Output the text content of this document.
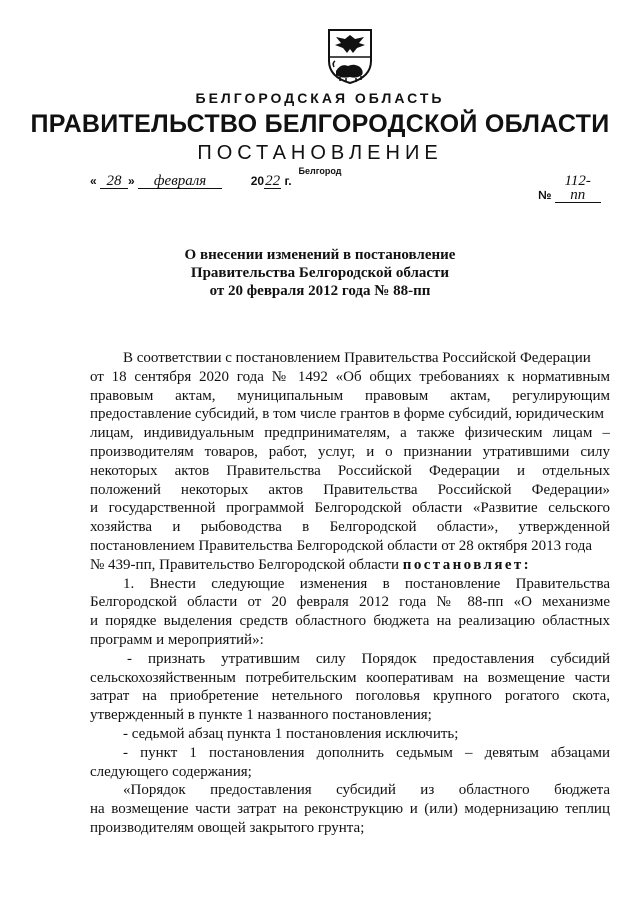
БЕЛГОРОДСКАЯ ОБЛАСТЬ
ПРАВИТЕЛЬСТВО БЕЛГОРОДСКОЙ ОБЛАСТИ
ПОСТАНОВЛЕНИЕ
Белгород
« 28 » февраля	2022 г.
№ 112-пп
О внесении изменений в постановление
Правительства Белгородской области
от 20 февраля 2012 года № 88-пп
В соответствии с постановлением Правительства Российской Федерации
от 18 сентября 2020 года № 1492 «Об общих требованиях к нормативным
правовым актам, муниципальным правовым актам, регулирующим
предоставление субсидий, в том числе грантов в форме субсидий, юридическим
лицам, индивидуальным предпринимателям, а также физическим лицам –
производителям товаров, работ, услуг, и о признании утратившими силу
некоторых актов Правительства Российской Федерации и отдельных
положений некоторых актов Правительства Российской Федерации»
и государственной программой Белгородской области «Развитие сельского
хозяйства и рыбоводства в Белгородской области», утвержденной
постановлением Правительства Белгородской области от 28 октября 2013 года
№ 439-пп, Правительство Белгородской области постановляет:
1. Внести следующие изменения в постановление Правительства
Белгородской области от 20 февраля 2012 года № 88-пп «О механизме
и порядке выделения средств областного бюджета на реализацию областных
программ и мероприятий»:
- признать утратившим силу Порядок предоставления субсидий
сельскохозяйственным потребительским кооперативам на возмещение части
затрат на приобретение нетельного поголовья крупного рогатого скота,
утвержденный в пункте 1 названного постановления;
- седьмой абзац пункта 1 постановления исключить;
- пункт 1 постановления дополнить седьмым – девятым абзацами
следующего содержания;
«Порядок предоставления субсидий из областного бюджета
на возмещение части затрат на реконструкцию и (или) модернизацию теплиц
производителям овощей закрытого грунта;
